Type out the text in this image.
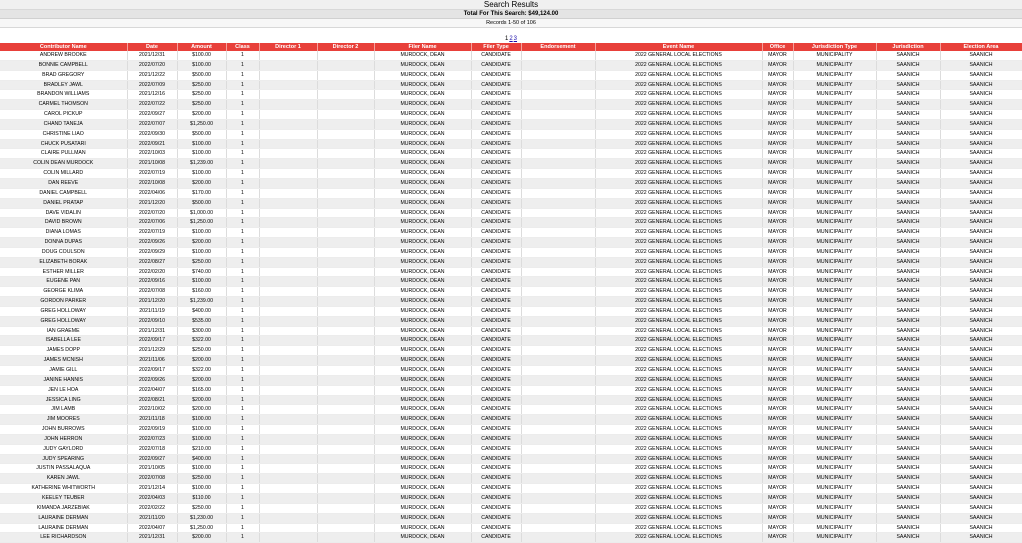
Search Results
Total For This Search: $49,124.00
Records 1-50 of 106
123
Contributor Name	Date	Amount	Class	Director 1	Director 2	Filer Name	Filer Type	Endorsement	Event Name	Office	Jurisdiction Type	Jurisdiction	Election Area
ANDREW BROOKE	2021/12/31	$100.00	1			MURDOCK, DEAN	CANDIDATE		2022 GENERAL LOCAL ELECTIONS	MAYOR	MUNICIPALITY	SAANICH	SAANICH
BONNIE CAMPBELL	2022/07/20	$100.00	1			MURDOCK, DEAN	CANDIDATE		2022 GENERAL LOCAL ELECTIONS	MAYOR	MUNICIPALITY	SAANICH	SAANICH
BRAD GREGORY	2021/12/22	$500.00	1			MURDOCK, DEAN	CANDIDATE		2022 GENERAL LOCAL ELECTIONS	MAYOR	MUNICIPALITY	SAANICH	SAANICH
BRADLEY JAWL	2022/07/09	$250.00	1			MURDOCK, DEAN	CANDIDATE		2022 GENERAL LOCAL ELECTIONS	MAYOR	MUNICIPALITY	SAANICH	SAANICH
BRANDON WILLIAMS	2021/12/16	$250.00	1			MURDOCK, DEAN	CANDIDATE		2022 GENERAL LOCAL ELECTIONS	MAYOR	MUNICIPALITY	SAANICH	SAANICH
CARMEL THOMSON	2022/07/22	$250.00	1			MURDOCK, DEAN	CANDIDATE		2022 GENERAL LOCAL ELECTIONS	MAYOR	MUNICIPALITY	SAANICH	SAANICH
CAROL PICKUP	2022/09/27	$200.00	1			MURDOCK, DEAN	CANDIDATE		2022 GENERAL LOCAL ELECTIONS	MAYOR	MUNICIPALITY	SAANICH	SAANICH
CHAND TANEJA	2022/07/07	$1,250.00	1			MURDOCK, DEAN	CANDIDATE		2022 GENERAL LOCAL ELECTIONS	MAYOR	MUNICIPALITY	SAANICH	SAANICH
CHRISTINE LIAO	2022/09/30	$500.00	1			MURDOCK, DEAN	CANDIDATE		2022 GENERAL LOCAL ELECTIONS	MAYOR	MUNICIPALITY	SAANICH	SAANICH
CHUCK PUSATARI	2022/09/21	$100.00	1			MURDOCK, DEAN	CANDIDATE		2022 GENERAL LOCAL ELECTIONS	MAYOR	MUNICIPALITY	SAANICH	SAANICH
CLAIRE PULLMAN	2022/10/03	$100.00	1			MURDOCK, DEAN	CANDIDATE		2022 GENERAL LOCAL ELECTIONS	MAYOR	MUNICIPALITY	SAANICH	SAANICH
COLIN DEAN MURDOCK	2021/10/08	$1,239.00	1			MURDOCK, DEAN	CANDIDATE		2022 GENERAL LOCAL ELECTIONS	MAYOR	MUNICIPALITY	SAANICH	SAANICH
COLIN MILLARD	2022/07/19	$100.00	1			MURDOCK, DEAN	CANDIDATE		2022 GENERAL LOCAL ELECTIONS	MAYOR	MUNICIPALITY	SAANICH	SAANICH
DAN REEVE	2022/10/08	$200.00	1			MURDOCK, DEAN	CANDIDATE		2022 GENERAL LOCAL ELECTIONS	MAYOR	MUNICIPALITY	SAANICH	SAANICH
DANIEL CAMPBELL	2022/04/06	$170.00	1			MURDOCK, DEAN	CANDIDATE		2022 GENERAL LOCAL ELECTIONS	MAYOR	MUNICIPALITY	SAANICH	SAANICH
DANIEL PRATAP	2021/12/20	$500.00	1			MURDOCK, DEAN	CANDIDATE		2022 GENERAL LOCAL ELECTIONS	MAYOR	MUNICIPALITY	SAANICH	SAANICH
DAVE VIDALIN	2022/07/20	$1,000.00	1			MURDOCK, DEAN	CANDIDATE		2022 GENERAL LOCAL ELECTIONS	MAYOR	MUNICIPALITY	SAANICH	SAANICH
DAVID BROWN	2022/07/06	$1,250.00	1			MURDOCK, DEAN	CANDIDATE		2022 GENERAL LOCAL ELECTIONS	MAYOR	MUNICIPALITY	SAANICH	SAANICH
DIANA LOMAS	2022/07/19	$100.00	1			MURDOCK, DEAN	CANDIDATE		2022 GENERAL LOCAL ELECTIONS	MAYOR	MUNICIPALITY	SAANICH	SAANICH
DONNA DUPAS	2022/09/26	$200.00	1			MURDOCK, DEAN	CANDIDATE		2022 GENERAL LOCAL ELECTIONS	MAYOR	MUNICIPALITY	SAANICH	SAANICH
DOUG COULSON	2022/09/29	$100.00	1			MURDOCK, DEAN	CANDIDATE		2022 GENERAL LOCAL ELECTIONS	MAYOR	MUNICIPALITY	SAANICH	SAANICH
ELIZABETH BORAK	2022/08/27	$250.00	1			MURDOCK, DEAN	CANDIDATE		2022 GENERAL LOCAL ELECTIONS	MAYOR	MUNICIPALITY	SAANICH	SAANICH
ESTHER MILLER	2022/02/20	$740.00	1			MURDOCK, DEAN	CANDIDATE		2022 GENERAL LOCAL ELECTIONS	MAYOR	MUNICIPALITY	SAANICH	SAANICH
EUGENE PAN	2022/09/16	$100.00	1			MURDOCK, DEAN	CANDIDATE		2022 GENERAL LOCAL ELECTIONS	MAYOR	MUNICIPALITY	SAANICH	SAANICH
GEORGE KLIMA	2022/07/08	$160.00	1			MURDOCK, DEAN	CANDIDATE		2022 GENERAL LOCAL ELECTIONS	MAYOR	MUNICIPALITY	SAANICH	SAANICH
GORDON PARKER	2021/12/20	$1,239.00	1			MURDOCK, DEAN	CANDIDATE		2022 GENERAL LOCAL ELECTIONS	MAYOR	MUNICIPALITY	SAANICH	SAANICH
GREG HOLLOWAY	2021/11/19	$400.00	1			MURDOCK, DEAN	CANDIDATE		2022 GENERAL LOCAL ELECTIONS	MAYOR	MUNICIPALITY	SAANICH	SAANICH
GREG HOLLOWAY	2022/09/10	$535.00	1			MURDOCK, DEAN	CANDIDATE		2022 GENERAL LOCAL ELECTIONS	MAYOR	MUNICIPALITY	SAANICH	SAANICH
IAN GRAEME	2021/12/31	$300.00	1			MURDOCK, DEAN	CANDIDATE		2022 GENERAL LOCAL ELECTIONS	MAYOR	MUNICIPALITY	SAANICH	SAANICH
ISABELLA LEE	2022/09/17	$322.00	1			MURDOCK, DEAN	CANDIDATE		2022 GENERAL LOCAL ELECTIONS	MAYOR	MUNICIPALITY	SAANICH	SAANICH
JAMES DOPP	2021/12/29	$250.00	1			MURDOCK, DEAN	CANDIDATE		2022 GENERAL LOCAL ELECTIONS	MAYOR	MUNICIPALITY	SAANICH	SAANICH
JAMES MCNISH	2021/11/06	$200.00	1			MURDOCK, DEAN	CANDIDATE		2022 GENERAL LOCAL ELECTIONS	MAYOR	MUNICIPALITY	SAANICH	SAANICH
JAMIE GILL	2022/09/17	$322.00	1			MURDOCK, DEAN	CANDIDATE		2022 GENERAL LOCAL ELECTIONS	MAYOR	MUNICIPALITY	SAANICH	SAANICH
JANINE HANNIS	2022/09/26	$200.00	1			MURDOCK, DEAN	CANDIDATE		2022 GENERAL LOCAL ELECTIONS	MAYOR	MUNICIPALITY	SAANICH	SAANICH
JEN LE HOA	2022/04/07	$165.00	1			MURDOCK, DEAN	CANDIDATE		2022 GENERAL LOCAL ELECTIONS	MAYOR	MUNICIPALITY	SAANICH	SAANICH
JESSICA LING	2022/08/21	$200.00	1			MURDOCK, DEAN	CANDIDATE		2022 GENERAL LOCAL ELECTIONS	MAYOR	MUNICIPALITY	SAANICH	SAANICH
JIM LAMB	2022/10/02	$200.00	1			MURDOCK, DEAN	CANDIDATE		2022 GENERAL LOCAL ELECTIONS	MAYOR	MUNICIPALITY	SAANICH	SAANICH
JIM MOORES	2021/11/18	$100.00	1			MURDOCK, DEAN	CANDIDATE		2022 GENERAL LOCAL ELECTIONS	MAYOR	MUNICIPALITY	SAANICH	SAANICH
JOHN BURROWS	2022/09/19	$100.00	1			MURDOCK, DEAN	CANDIDATE		2022 GENERAL LOCAL ELECTIONS	MAYOR	MUNICIPALITY	SAANICH	SAANICH
JOHN HERRON	2022/07/23	$100.00	1			MURDOCK, DEAN	CANDIDATE		2022 GENERAL LOCAL ELECTIONS	MAYOR	MUNICIPALITY	SAANICH	SAANICH
JUDY GAYLORD	2022/07/18	$210.00	1			MURDOCK, DEAN	CANDIDATE		2022 GENERAL LOCAL ELECTIONS	MAYOR	MUNICIPALITY	SAANICH	SAANICH
JUDY SPEARING	2022/09/27	$400.00	1			MURDOCK, DEAN	CANDIDATE		2022 GENERAL LOCAL ELECTIONS	MAYOR	MUNICIPALITY	SAANICH	SAANICH
JUSTIN PASSALAQUA	2021/10/05	$100.00	1			MURDOCK, DEAN	CANDIDATE		2022 GENERAL LOCAL ELECTIONS	MAYOR	MUNICIPALITY	SAANICH	SAANICH
KAREN JAWL	2022/07/08	$250.00	1			MURDOCK, DEAN	CANDIDATE		2022 GENERAL LOCAL ELECTIONS	MAYOR	MUNICIPALITY	SAANICH	SAANICH
KATHERINE WHITWORTH	2021/12/14	$100.00	1			MURDOCK, DEAN	CANDIDATE		2022 GENERAL LOCAL ELECTIONS	MAYOR	MUNICIPALITY	SAANICH	SAANICH
KEELEY TEUBER	2022/04/03	$110.00	1			MURDOCK, DEAN	CANDIDATE		2022 GENERAL LOCAL ELECTIONS	MAYOR	MUNICIPALITY	SAANICH	SAANICH
KIMANDA JARZEBIAK	2022/02/22	$250.00	1			MURDOCK, DEAN	CANDIDATE		2022 GENERAL LOCAL ELECTIONS	MAYOR	MUNICIPALITY	SAANICH	SAANICH
LAURAINE DERMAN	2021/11/20	$1,230.00	1			MURDOCK, DEAN	CANDIDATE		2022 GENERAL LOCAL ELECTIONS	MAYOR	MUNICIPALITY	SAANICH	SAANICH
LAURAINE DERMAN	2022/04/07	$1,250.00	1			MURDOCK, DEAN	CANDIDATE		2022 GENERAL LOCAL ELECTIONS	MAYOR	MUNICIPALITY	SAANICH	SAANICH
LEE RICHARDSON	2021/12/31	$200.00	1			MURDOCK, DEAN	CANDIDATE		2022 GENERAL LOCAL ELECTIONS	MAYOR	MUNICIPALITY	SAANICH	SAANICH
